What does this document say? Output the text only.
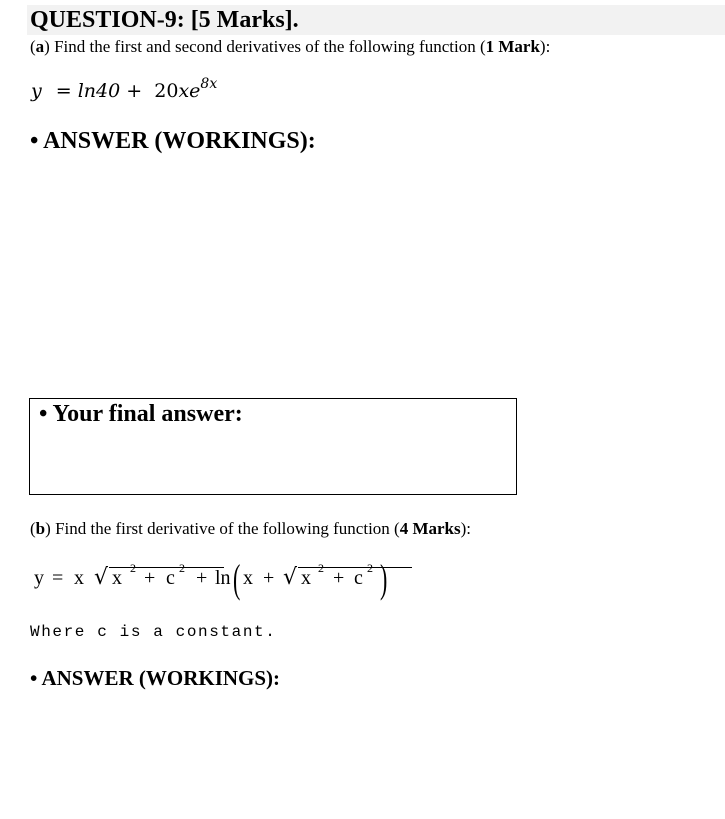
QUESTION-9: [5 Marks].
(a) Find the first and second derivatives of the following function (1 Mark):
$y = \ln 40 + 20xe^{8x}$
• ANSWER (WORKINGS):
• Your final answer:
(b) Find the first derivative of the following function (4 Marks):
y = x √ x 2 + c 2 + ln ( x + √ x 2 + c 2 )
Where c is a constant.
• ANSWER (WORKINGS):
